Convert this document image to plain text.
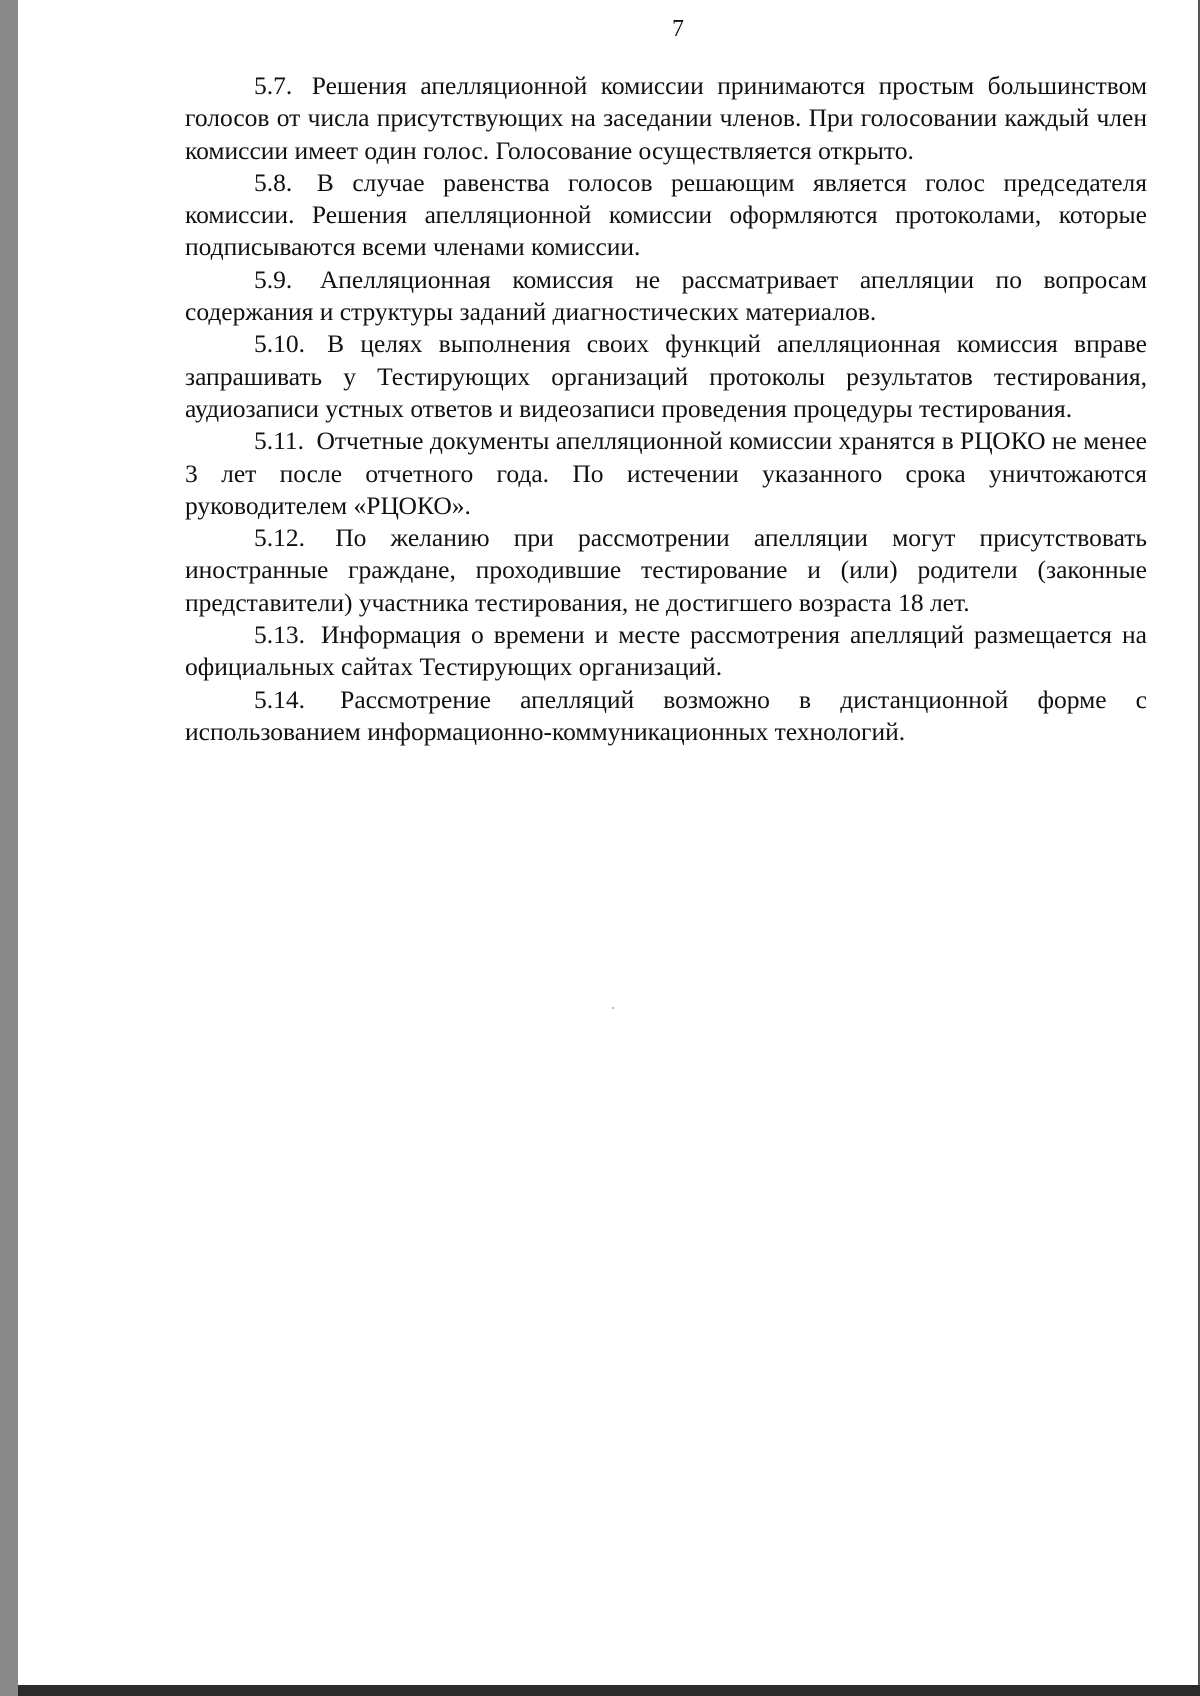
7

5.7. Решения апелляционной комиссии принимаются простым большинством голосов от числа присутствующих на заседании членов. При голосовании каждый член комиссии имеет один голос. Голосование осуществляется открыто.

5.8. В случае равенства голосов решающим является голос председателя комиссии. Решения апелляционной комиссии оформляются протоколами, которые подписываются всеми членами комиссии.

5.9. Апелляционная комиссия не рассматривает апелляции по вопросам содержания и структуры заданий диагностических материалов.

5.10. В целях выполнения своих функций апелляционная комиссия вправе запрашивать у Тестирующих организаций протоколы результатов тестирования, аудиозаписи устных ответов и видеозаписи проведения процедуры тестирования.

5.11. Отчетные документы апелляционной комиссии хранятся в РЦОКО не менее 3 лет после отчетного года. По истечении указанного срока уничтожаются руководителем «РЦОКО».

5.12. По желанию при рассмотрении апелляции могут присутствовать иностранные граждане, проходившие тестирование и (или) родители (законные представители) участника тестирования, не достигшего возраста 18 лет.

5.13. Информация о времени и месте рассмотрения апелляций размещается на официальных сайтах Тестирующих организаций.

5.14. Рассмотрение апелляций возможно в дистанционной форме с использованием информационно-коммуникационных технологий.
